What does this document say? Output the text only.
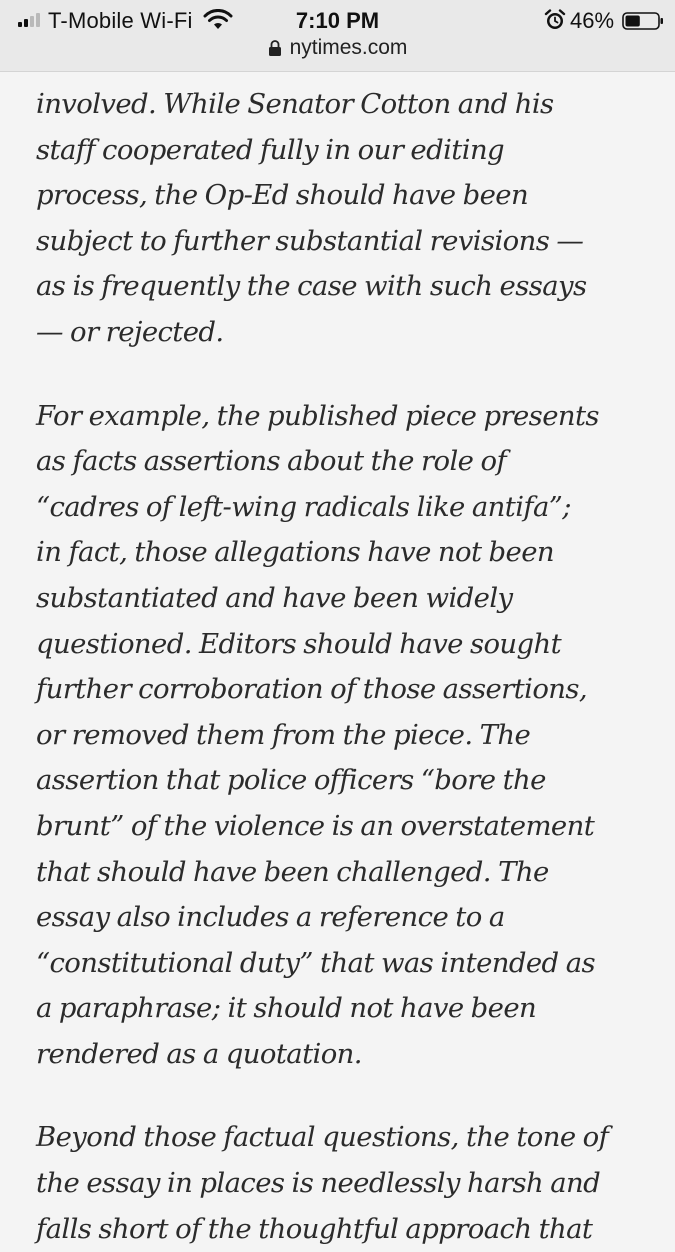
T-Mobile Wi-Fi	7:10 PM	46%
nytimes.com

involved. While Senator Cotton and his
staff cooperated fully in our editing
process, the Op-Ed should have been
subject to further substantial revisions —
as is frequently the case with such essays
— or rejected.

For example, the published piece presents
as facts assertions about the role of
“cadres of left-wing radicals like antifa”;
in fact, those allegations have not been
substantiated and have been widely
questioned. Editors should have sought
further corroboration of those assertions,
or removed them from the piece. The
assertion that police officers “bore the
brunt” of the violence is an overstatement
that should have been challenged. The
essay also includes a reference to a
“constitutional duty” that was intended as
a paraphrase; it should not have been
rendered as a quotation.

Beyond those factual questions, the tone of
the essay in places is needlessly harsh and
falls short of the thoughtful approach that
